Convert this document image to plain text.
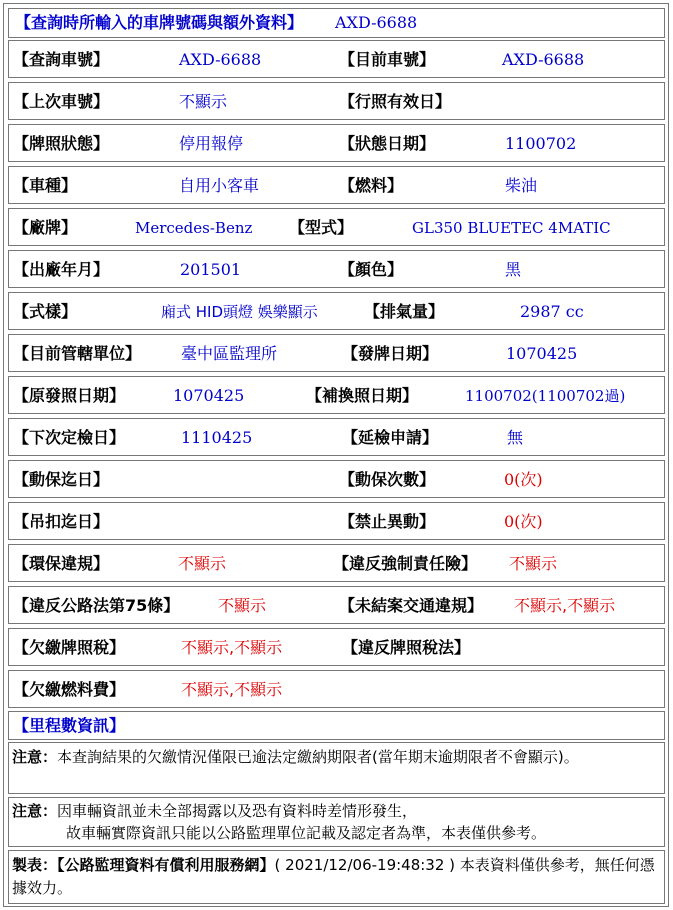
【查詢時所輸入的車牌號碼與額外資料】 AXD-6688
【查詢車號】	AXD-6688	【目前車號】	AXD-6688
【上次車號】	不顯示	【行照有效日】
【牌照狀態】	停用報停	【狀態日期】	1100702
【車種】	自用小客車	【燃料】	柴油
【廠牌】	Mercedes-Benz 【型式】	GL350 BLUETEC 4MATIC
【出廠年月】	201501	【顏色】	黑
【式樣】	廂式 HID頭燈 娛樂顯示	【排氣量】	2987 cc
【目前管轄單位】 臺中區監理所	【發牌日期】	1070425
【原發照日期】	1070425	【補換照日期】	1100702(1100702過)
【下次定檢日】	1110425	【延檢申請】	無
【動保迄日】	【動保次數】	0(次)
【吊扣迄日】	【禁止異動】	0(次)
【環保違規】	不顯示	【違反強制責任險】 不顯示
【違反公路法第75條】 不顯示	【未結案交通違規】 不顯示,不顯示
【欠繳牌照稅】	不顯示,不顯示	【違反牌照稅法】
【欠繳燃料費】	不顯示,不顯示
【里程數資訊】
注意：本查詢結果的欠繳情況僅限已逾法定繳納期限者(當年期末逾期限者不會顯示)。
注意：因車輛資訊並未全部揭露以及恐有資料時差情形發生，
故車輛實際資訊只能以公路監理單位記載及認定者為準，本表僅供參考。
製表：【公路監理資料有償利用服務網】( 2021/12/06-19:48:32 ) 本表資料僅供參考，無任何憑據效力。
